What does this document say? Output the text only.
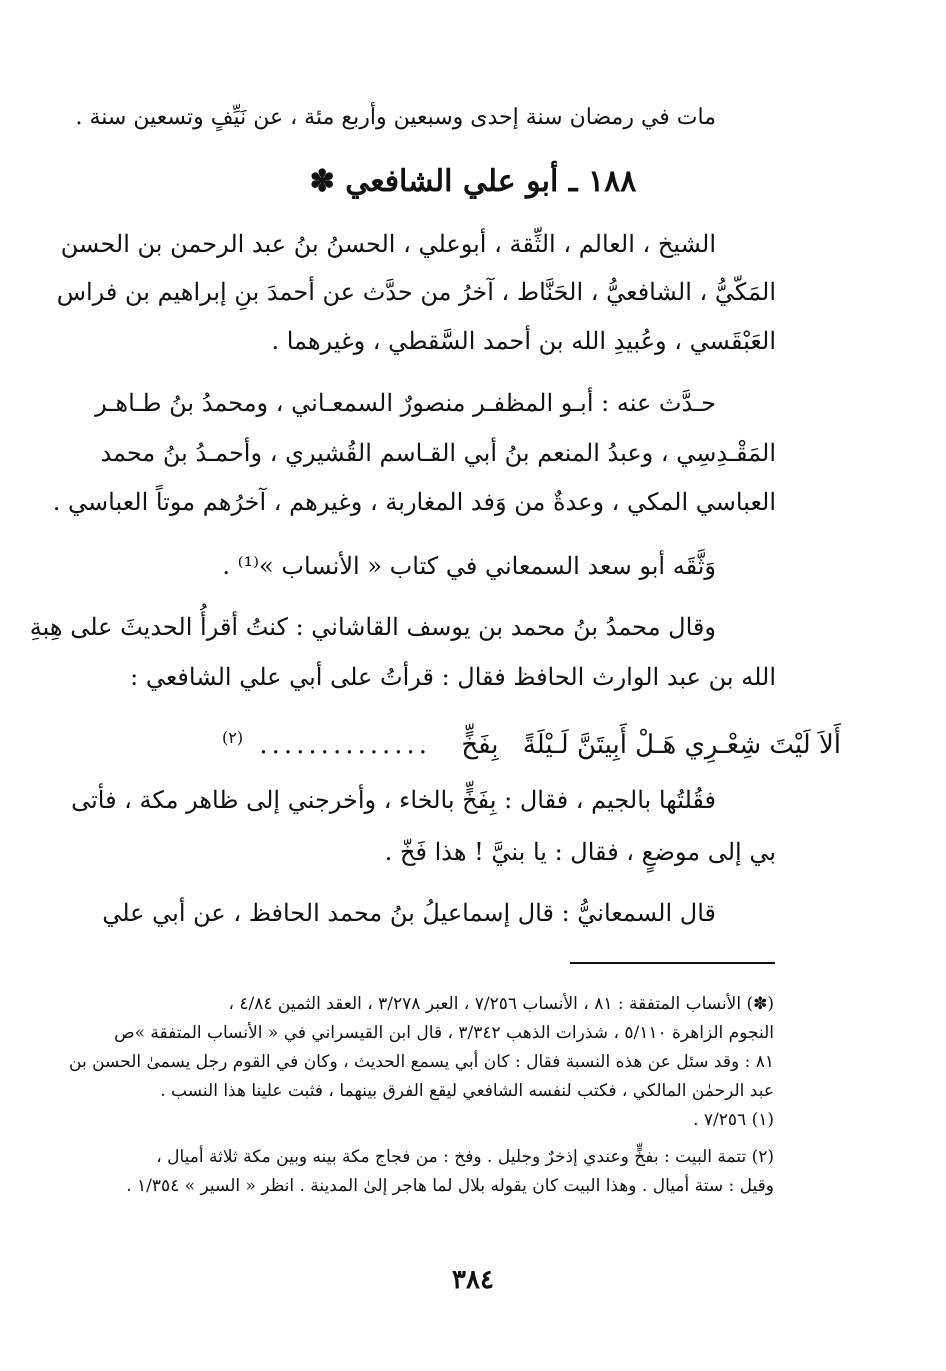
مات في رمضان سنة إحدى وسبعين وأربع مئة ، عن نَيِّفٍ وتسعين سنة .
١٨٨ ـ أبو علي الشافعي ✽
الشيخ ، العالم ، الثِّقة ، أبوعلي ، الحسنُ بنُ عبد الرحمن بن الحسن
المَكّيُّ ، الشافعيُّ ، الحَنَّاط ، آخرُ من حدَّث عن أحمدَ بنِ إبراهيم بن فراس
العَبْقَسي ، وعُبيدِ الله بن أحمد السَّقطي ، وغيرهما .
حـدَّث عنه : أبـو المظفـر منصورٌ السمعـاني ، ومحمدُ بنُ طـاهـر
المَقْـدِسِي ، وعبدُ المنعم بنُ أبي القـاسم القُشيري ، وأحمـدُ بنُ محمد
العباسي المكي ، وعدةٌ من وَفد المغاربة ، وغيرهم ، آخرُهم موتاً العباسي .
وَثَّقَه أبو سعد السمعاني في كتاب « الأنساب »⁽¹⁾ .
وقال محمدُ بنُ محمد بن يوسف القاشاني : كنتُ أقرأُ الحديثَ على هِبةِ
الله بن عبد الوارث الحافظ فقال : قرأتُ على أبي علي الشافعي :
أَلاَ لَيْتَ شِعْـرِي هَـلْ أَبِيتَنَّ لَـيْلَةً بِفَخٍّ .............. $^{(٢)}$
فقُلتُها بالجيم ، فقال : بِفَخٍّ بالخاء ، وأخرجني إلى ظاهر مكة ، فأتى
بي إلى موضعٍ ، فقال : يا بنيَّ ! هذا فَخّ .
قال السمعانيُّ : قال إسماعيلُ بنُ محمد الحافظ ، عن أبي علي
(✽) الأنساب المتفقة : ٨١ ، الأنساب ٧/٢٥٦ ، العبر ٣/٢٧٨ ، العقد الثمين ٤/٨٤ ،
النجوم الزاهرة ٥/١١٠ ، شذرات الذهب ٣/٣٤٢ ، قال ابن القيسراني في « الأنساب المتفقة »ص
٨١ : وقد سئل عن هذه النسبة فقال : كان أبي يسمع الحديث ، وكان في القوم رجل يسمىٰ الحسن بن
عبد الرحمٰن المالكي ، فكتب لنفسه الشافعي ليقع الفرق بينهما ، فثبت علينا هذا النسب .
(١) ٧/٢٥٦ .
(٢) تتمة البيت : بفخٍّ وعندي إذخرٌ وجليل . وفخ : من فجاج مكة بينه وبين مكة ثلاثة أميال ،
وقيل : ستة أميال . وهذا البيت كان يقوله بلال لما هاجر إلىٰ المدينة . انظر « السير » ١/٣٥٤ .
٣٨٤
